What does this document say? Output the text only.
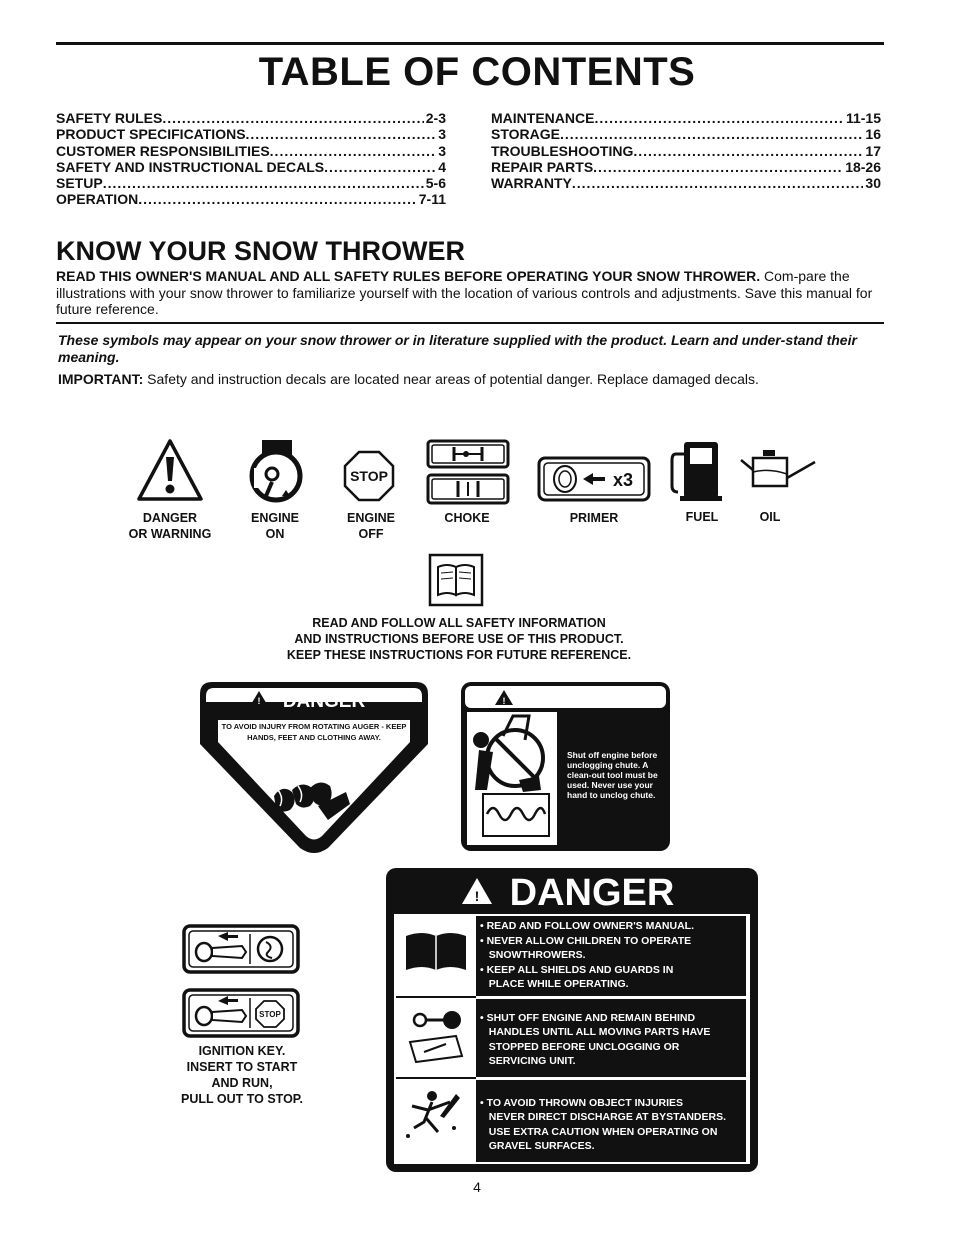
TABLE OF CONTENTS
SAFETY RULES .....	2-3
PRODUCT SPECIFICATIONS .....	3
CUSTOMER RESPONSIBILITIES .....	3
SAFETY AND INSTRUCTIONAL DECALS .....	4
SETUP .....	5-6
OPERATION .....	7-11
MAINTENANCE .....	11-15
STORAGE .....	16
TROUBLESHOOTING .....	17
REPAIR PARTS .....	18-26
WARRANTY .....	30
KNOW YOUR SNOW THROWER
READ THIS OWNER'S MANUAL AND ALL SAFETY RULES BEFORE OPERATING YOUR SNOW THROWER. Com-pare the illustrations with your snow thrower to familiarize yourself with the location of various controls and adjustments. Save this manual for future reference.
These symbols may appear on your snow thrower or in literature supplied with the product. Learn and under-stand their meaning.
IMPORTANT: Safety and instruction decals are located near areas of potential danger. Replace damaged decals.
STOP	x3
DANGER
OR WARNING
ENGINE
ON
ENGINE
OFF
CHOKE	PRIMER	FUEL	OIL
READ AND FOLLOW ALL SAFETY INFORMATION
AND INSTRUCTIONS BEFORE USE OF THIS PRODUCT.
KEEP THESE INSTRUCTIONS FOR FUTURE REFERENCE.
! DANGER
TO AVOID INJURY FROM ROTATING AUGER - KEEP
HANDS, FEET AND CLOTHING AWAY.
! DANGER
Shut off engine before
unclogging chute. A
clean-out tool must be
used. Never use your
hand to unclog chute.
STOP
IGNITION KEY.
INSERT TO START
AND RUN,
PULL OUT TO STOP.
! DANGER
• READ AND FOLLOW OWNER'S MANUAL.
• NEVER ALLOW CHILDREN TO OPERATE
SNOWTHROWERS.
• KEEP ALL SHIELDS AND GUARDS IN
PLACE WHILE OPERATING.
• SHUT OFF ENGINE AND REMAIN BEHIND
HANDLES UNTIL ALL MOVING PARTS HAVE
STOPPED BEFORE UNCLOGGING OR
SERVICING UNIT.
• TO AVOID THROWN OBJECT INJURIES
NEVER DIRECT DISCHARGE AT BYSTANDERS.
USE EXTRA CAUTION WHEN OPERATING ON
GRAVEL SURFACES.
4
